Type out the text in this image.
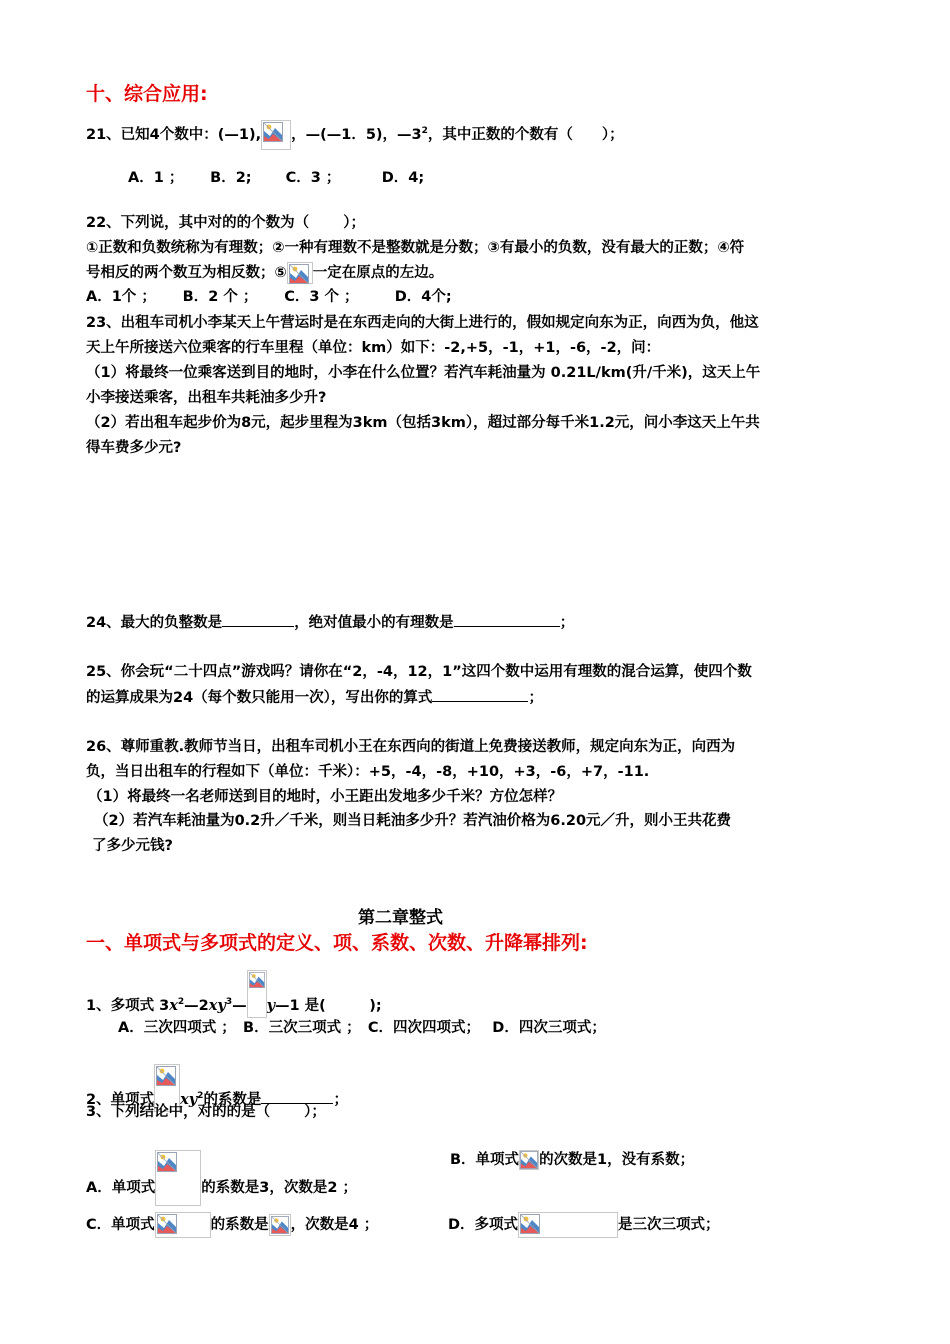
十、综合应用:
21、已知4个数中：(—1), ，—(—1．5)，$—3^2$，其中正数的个数有（　　）；
A．1 ；　　 B．2;　　 C．3 ；　　　 D．4;
22、下列说，其中对的的个数为（　　 ）；
①正数和负数统称为有理数；②一种有理数不是整数就是分数；③有最小的负数，没有最大的正数；④符
号相反的两个数互为相反数；⑤ 一定在原点的左边。
A．1个 ；　　 B．2 个 ；　　 C．3 个 ；　　　D．4个;
23、出租车司机小李某天上午营运时是在东西走向的大街上进行的，假如规定向东为正，向西为负，他这
天上午所接送六位乘客的行车里程（单位：km）如下：-2,+5，-1，+1，-6，-2，问：
（1）将最终一位乘客送到目的地时，小李在什么位置？若汽车耗油量为 0.21L/km(升/千米)，这天上午
小李接送乘客，出租车共耗油多少升?
（2）若出租车起步价为8元，起步里程为3km（包括3km），超过部分每千米1.2元，问小李这天上午共
得车费多少元?
24、最大的负整数是	，绝对值最小的有理数是	；
25、你会玩“二十四点”游戏吗？请你在“2，-4，12，1”这四个数中运用有理数的混合运算，使四个数
的运算成果为24（每个数只能用一次），写出你的算式	；
26、尊师重教.教师节当日，出租车司机小王在东西向的街道上免费接送教师，规定向东为正，向西为
负，当日出租车的行程如下（单位：千米）：+5，-4，-8，+10，+3，-6，+7，-11.
（1）将最终一名老师送到目的地时，小王距出发地多少千米？方位怎样？
（2）若汽车耗油量为0.2升／千米，则当日耗油多少升？若汽油价格为6.20元／升，则小王共花费
了多少元钱?
第二章整式
一、单项式与多项式的定义、项、系数、次数、升降幂排列:
1、多项式 $3x^2—2xy^3—$ y—1 是(　　　);
A．三次四项式 ；　B．三次三项式 ；　C．四次四项式；　 D．四次三项式；
2、单项式 $xy^2$的系数是	；
3、下列结论中，对的的是（　　 ）；
A．单项式	的系数是3，次数是2 ；
B．单项式 的次数是1，没有系数；
C．单项式	的系数是 ，次数是4 ；	D．多项式	是三次三项式；
